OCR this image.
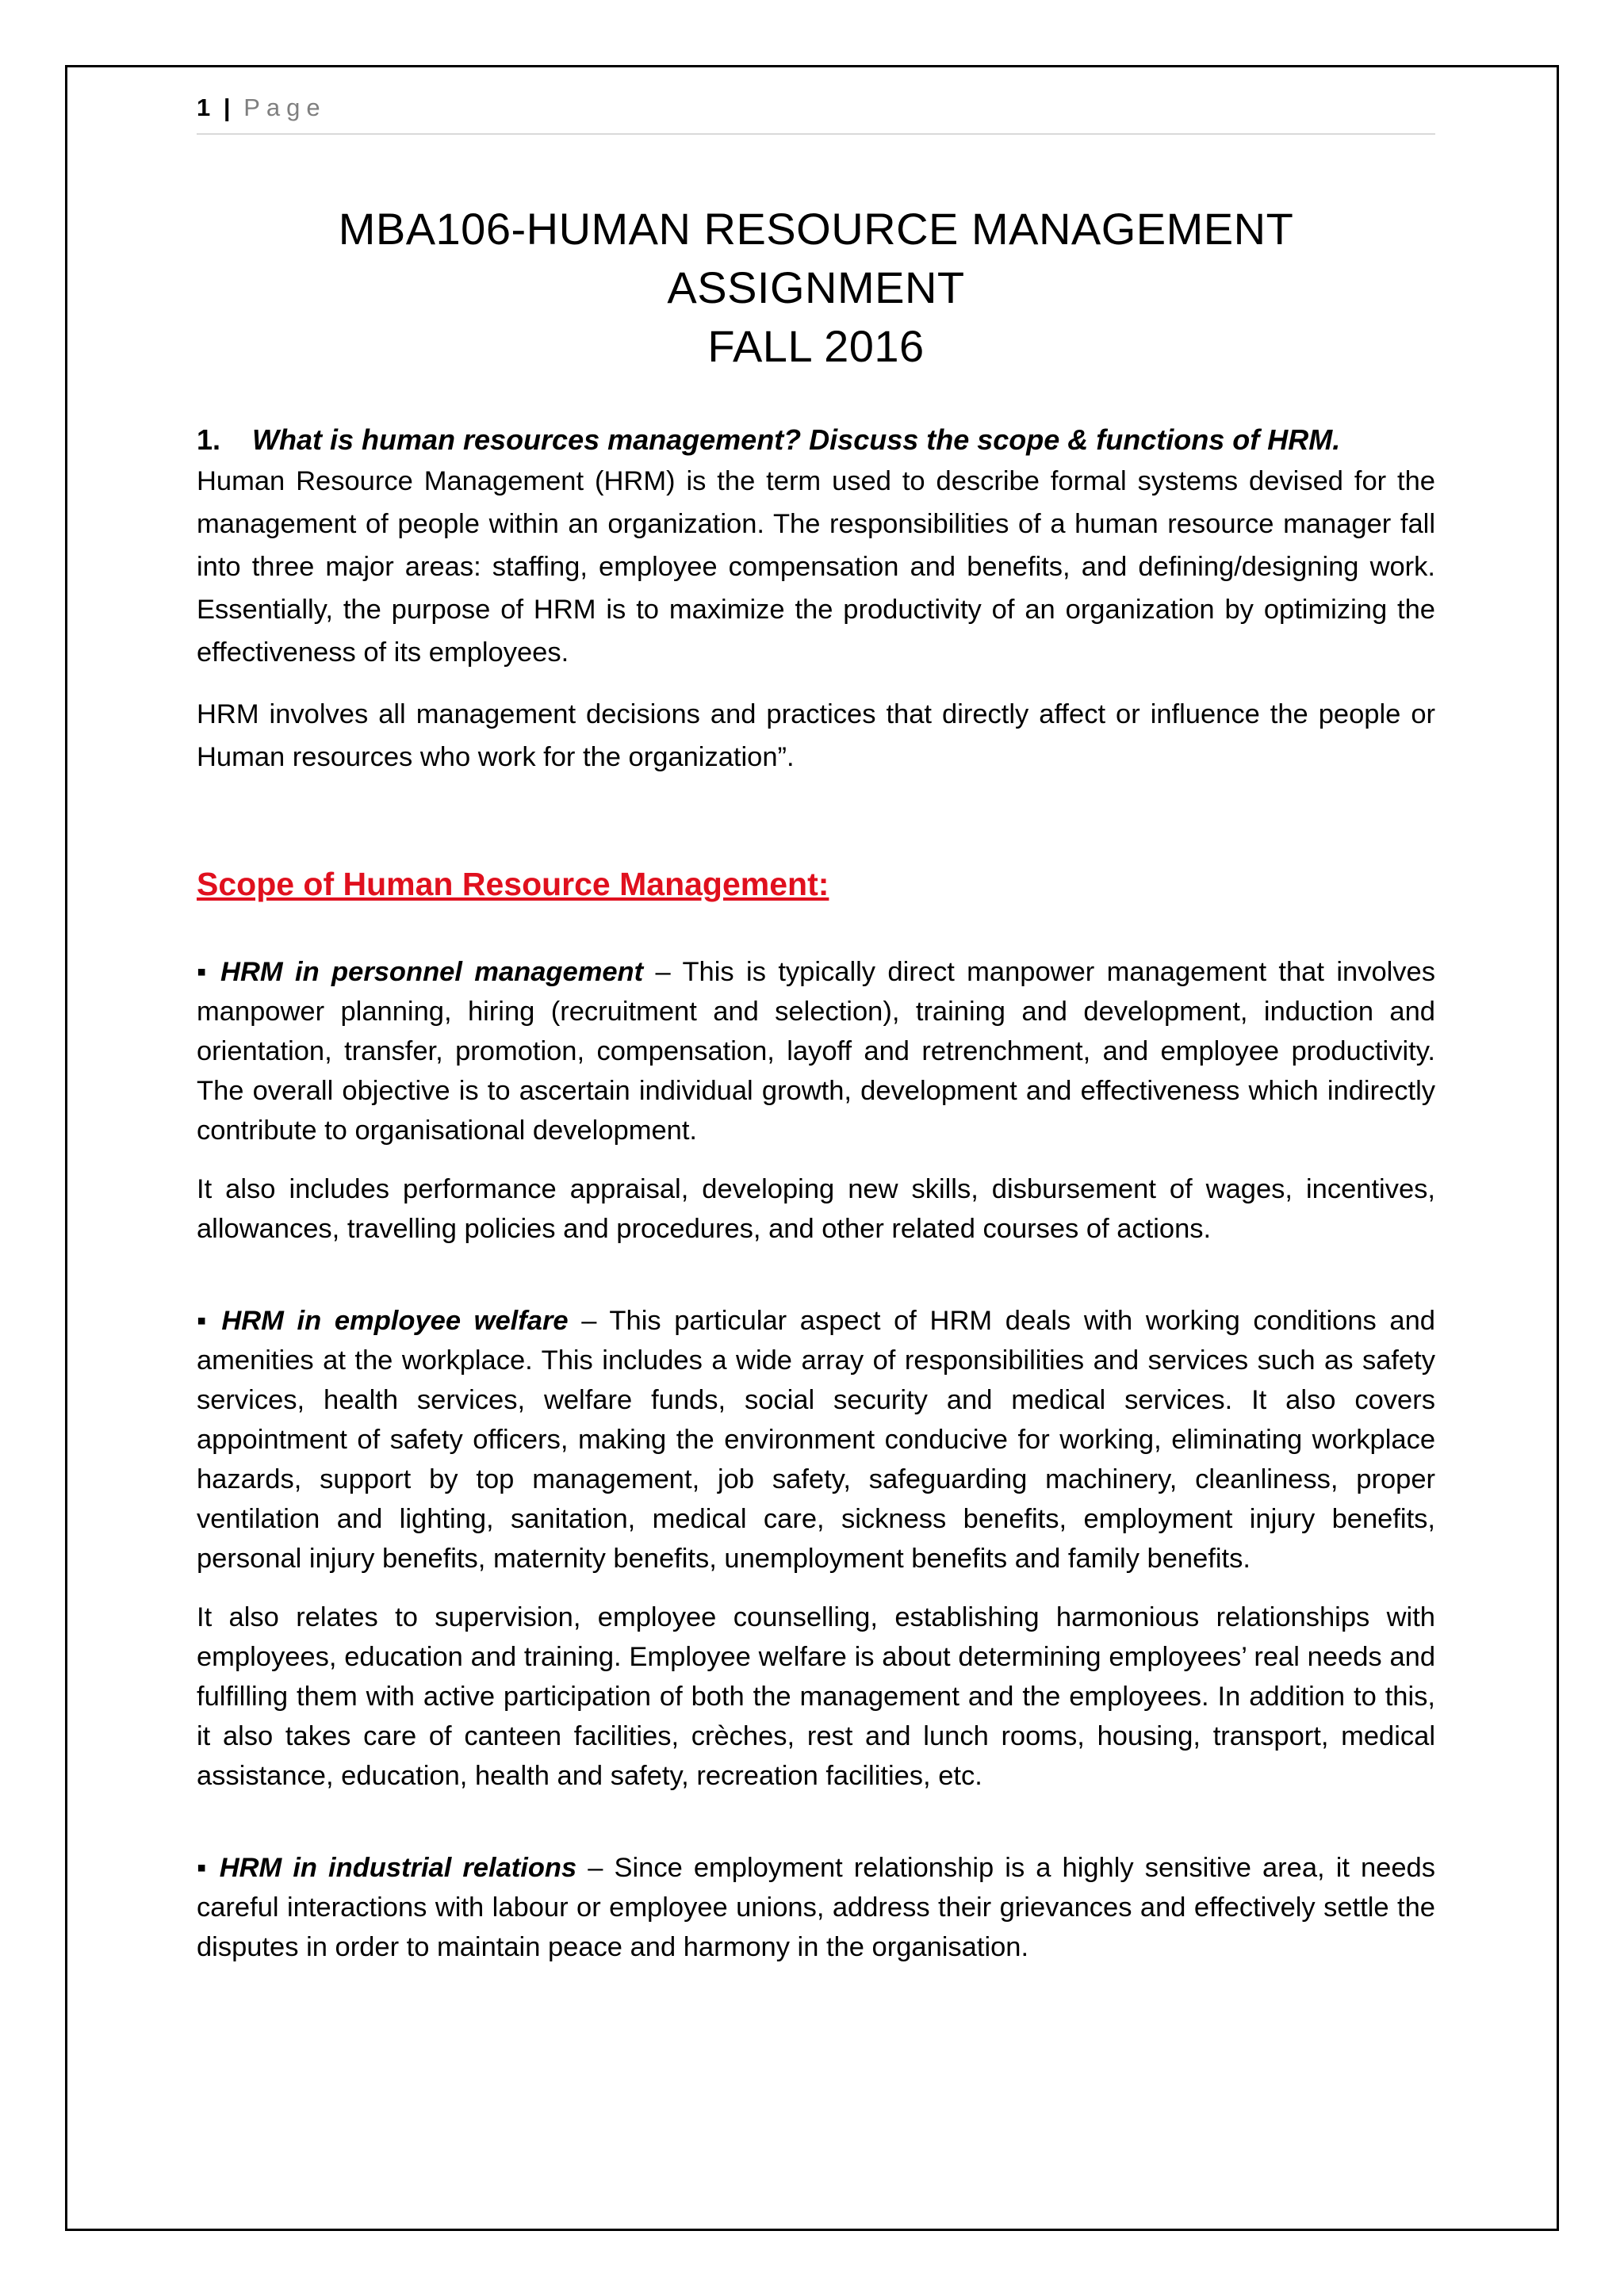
1 | Page
MBA106-HUMAN RESOURCE MANAGEMENT ASSIGNMENT
FALL 2016
1. What is human resources management? Discuss the scope & functions of HRM.

Human Resource Management (HRM) is the term used to describe formal systems devised for the management of people within an organization. The responsibilities of a human resource manager fall into three major areas: staffing, employee compensation and benefits, and defining/designing work. Essentially, the purpose of HRM is to maximize the productivity of an organization by optimizing the effectiveness of its employees.

HRM involves all management decisions and practices that directly affect or influence the people or Human resources who work for the organization”.

Scope of Human Resource Management:

▪ HRM in personnel management – This is typically direct manpower management that involves manpower planning, hiring (recruitment and selection), training and development, induction and orientation, transfer, promotion, compensation, layoff and retrenchment, and employee productivity. The overall objective is to ascertain individual growth, development and effectiveness which indirectly contribute to organisational development.

It also includes performance appraisal, developing new skills, disbursement of wages, incentives, allowances, travelling policies and procedures, and other related courses of actions.

▪ HRM in employee welfare – This particular aspect of HRM deals with working conditions and amenities at the workplace. This includes a wide array of responsibilities and services such as safety services, health services, welfare funds, social security and medical services. It also covers appointment of safety officers, making the environment conducive for working, eliminating workplace hazards, support by top management, job safety, safeguarding machinery, cleanliness, proper ventilation and lighting, sanitation, medical care, sickness benefits, employment injury benefits, personal injury benefits, maternity benefits, unemployment benefits and family benefits.

It also relates to supervision, employee counselling, establishing harmonious relationships with employees, education and training. Employee welfare is about determining employees’ real needs and fulfilling them with active participation of both the management and the employees. In addition to this, it also takes care of canteen facilities, crèches, rest and lunch rooms, housing, transport, medical assistance, education, health and safety, recreation facilities, etc.

▪ HRM in industrial relations – Since employment relationship is a highly sensitive area, it needs careful interactions with labour or employee unions, address their grievances and effectively settle the disputes in order to maintain peace and harmony in the organisation.
